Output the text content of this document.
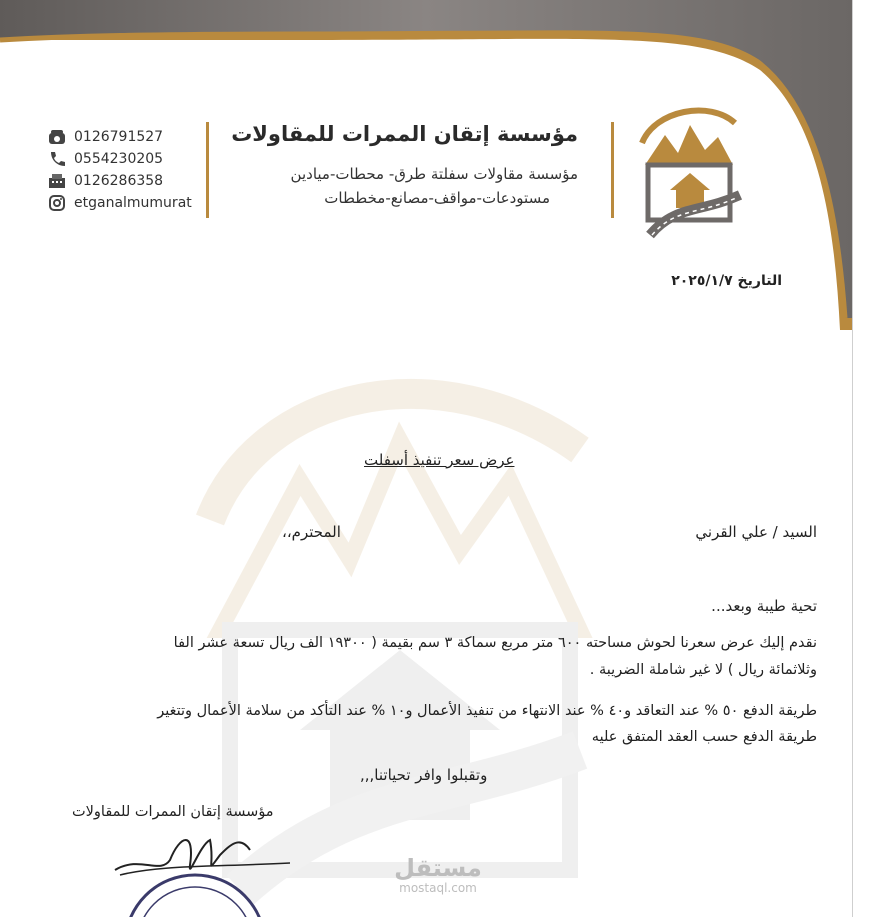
مؤسسة إتقان الممرات للمقاولات
مؤسسة مقاولات سفلتة طرق- محطات-ميادين
مستودعات-مواقف-مصانع-مخططات
0126791527
0554230205
0126286358
etganalmumurat
التاريخ ٢٠٢٥/١/٧
عرض سعر تنفيذ أسفلت
السيد / علي القرني
المحترم،،
تحية طيبة وبعد...
نقدم إليك عرض سعرنا لحوش مساحته ٦٠٠ متر مربع سماكة ٣ سم بقيمة ( ١٩٣٠٠ الف ريال تسعة عشر الفا
وثلاثمائة ريال ) لا غير شاملة الضريبة .
طريقة الدفع ٥٠ % عند التعاقد و٤٠ % عند الانتهاء من تنفيذ الأعمال و١٠ % عند التأكد من سلامة الأعمال وتتغير
طريقة الدفع حسب العقد المتفق عليه
وتقبلوا وافر تحياتنا,,,
مؤسسة إتقان الممرات للمقاولات
مستقل
mostaql.com
